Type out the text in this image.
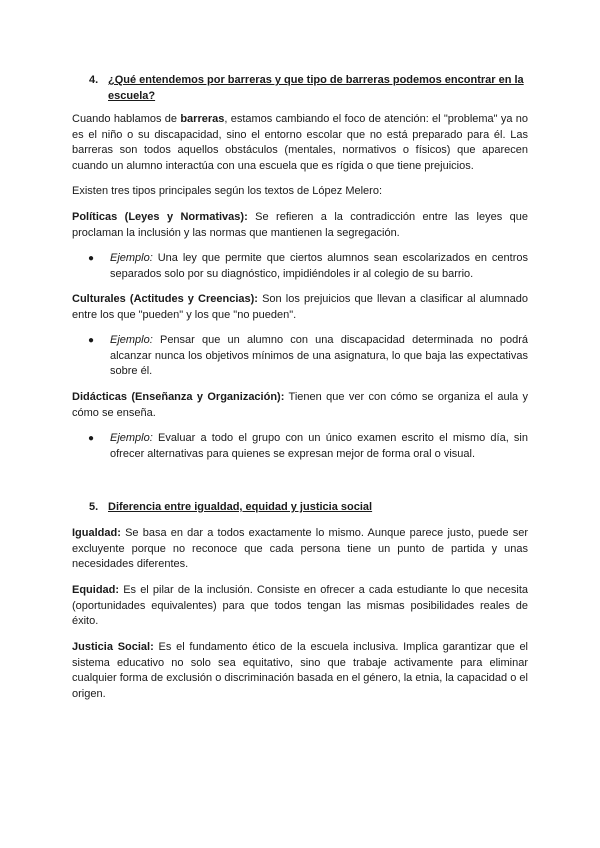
4. ¿Qué entendemos por barreras y que tipo de barreras podemos encontrar en la escuela?
Cuando hablamos de barreras, estamos cambiando el foco de atención: el "problema" ya no es el niño o su discapacidad, sino el entorno escolar que no está preparado para él. Las barreras son todos aquellos obstáculos (mentales, normativos o físicos) que aparecen cuando un alumno interactúa con una escuela que es rígida o que tiene prejuicios.
Existen tres tipos principales según los textos de López Melero:
Políticas (Leyes y Normativas): Se refieren a la contradicción entre las leyes que proclaman la inclusión y las normas que mantienen la segregación.
● Ejemplo: Una ley que permite que ciertos alumnos sean escolarizados en centros separados solo por su diagnóstico, impidiéndoles ir al colegio de su barrio.
Culturales (Actitudes y Creencias): Son los prejuicios que llevan a clasificar al alumnado entre los que "pueden" y los que "no pueden".
● Ejemplo: Pensar que un alumno con una discapacidad determinada no podrá alcanzar nunca los objetivos mínimos de una asignatura, lo que baja las expectativas sobre él.
Didácticas (Enseñanza y Organización): Tienen que ver con cómo se organiza el aula y cómo se enseña.
● Ejemplo: Evaluar a todo el grupo con un único examen escrito el mismo día, sin ofrecer alternativas para quienes se expresan mejor de forma oral o visual.
5. Diferencia entre igualdad, equidad y justicia social
Igualdad: Se basa en dar a todos exactamente lo mismo. Aunque parece justo, puede ser excluyente porque no reconoce que cada persona tiene un punto de partida y unas necesidades diferentes.
Equidad: Es el pilar de la inclusión. Consiste en ofrecer a cada estudiante lo que necesita (oportunidades equivalentes) para que todos tengan las mismas posibilidades reales de éxito.
Justicia Social: Es el fundamento ético de la escuela inclusiva. Implica garantizar que el sistema educativo no solo sea equitativo, sino que trabaje activamente para eliminar cualquier forma de exclusión o discriminación basada en el género, la etnia, la capacidad o el origen.
